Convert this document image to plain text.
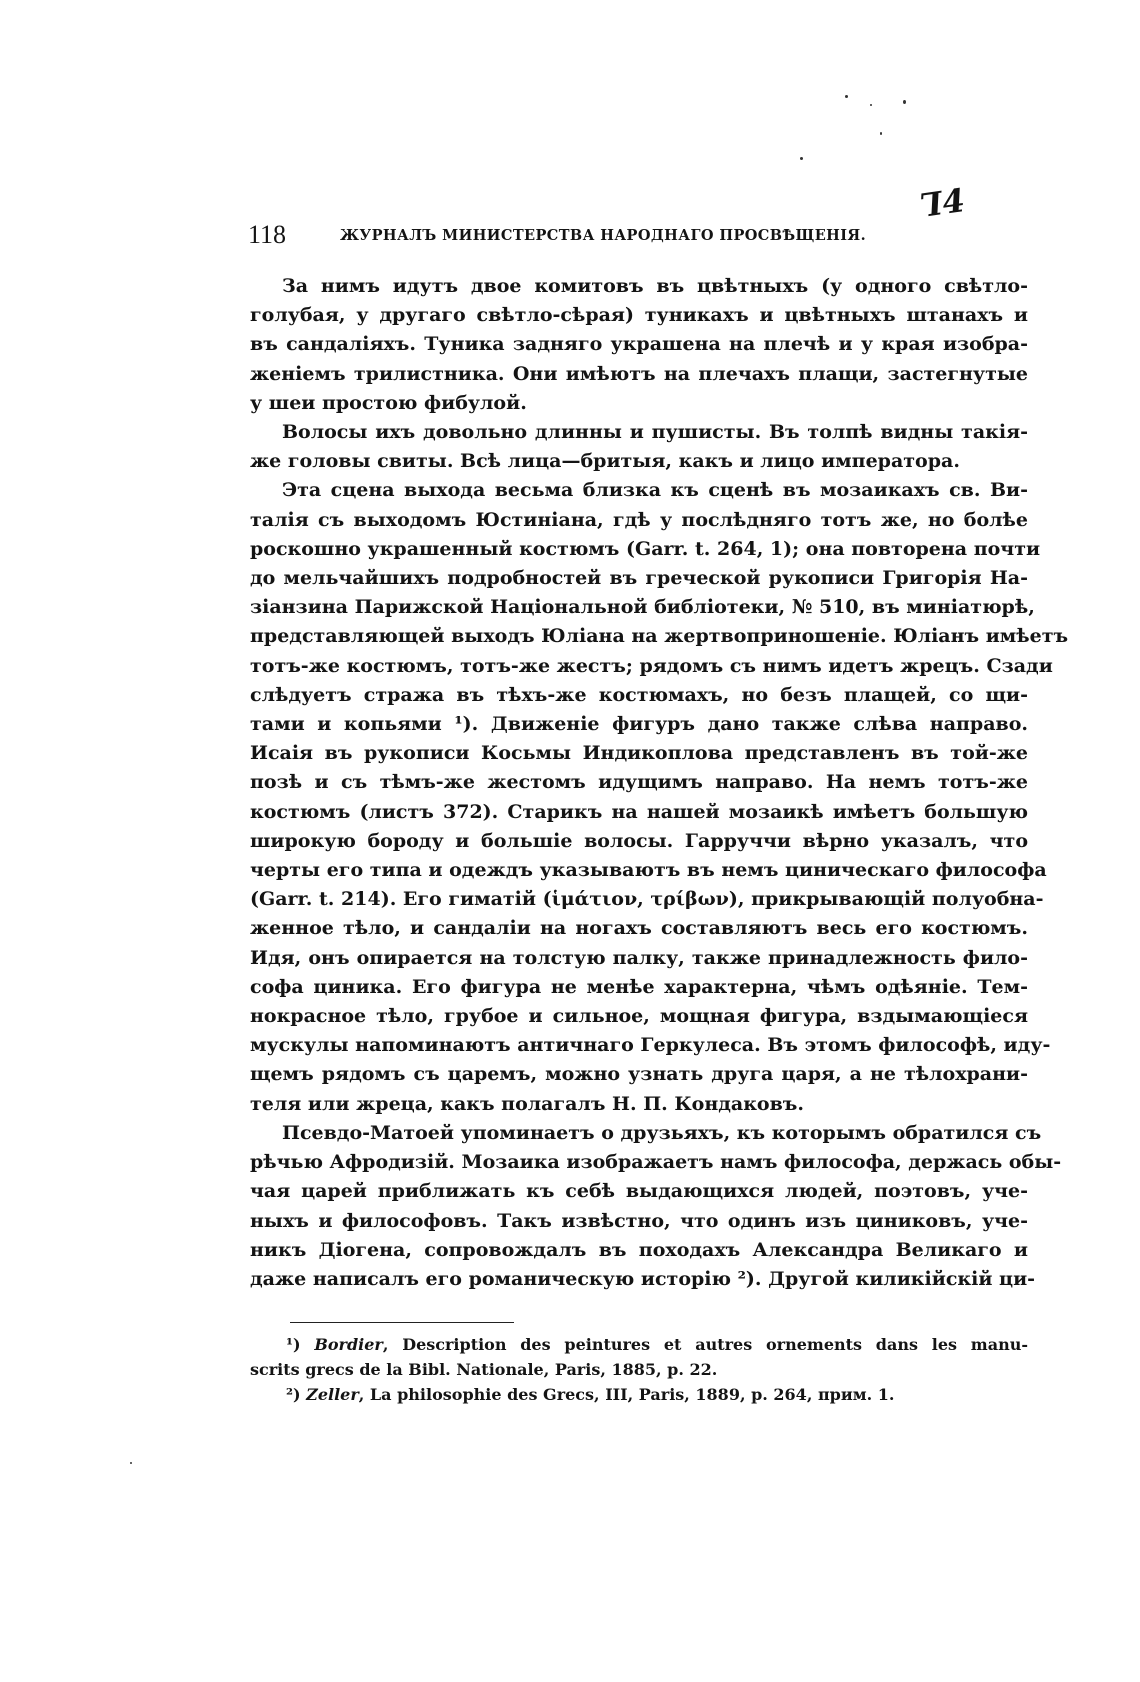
118	ЖУРНАЛЪ МИНИСТЕРСТВА НАРОДНАГО ПРОСВѢЩЕНІЯ.
Ꞁ4

За нимъ идутъ двое комитовъ въ цвѣтныхъ (у одного свѣтло-
голубая, у другаго свѣтло-сѣрая) туникахъ и цвѣтныхъ штанахъ и
въ сандаліяхъ. Туника задняго украшена на плечѣ и у края изобра-
женіемъ трилистника. Они имѣютъ на плечахъ плащи, застегнутые
у шеи простою фибулой.

Волосы ихъ довольно длинны и пушисты. Въ толпѣ видны такія-
же головы свиты. Всѣ лица—бритыя, какъ и лицо императора.

Эта сцена выхода весьма близка къ сценѣ въ мозаикахъ св. Ви-
талія съ выходомъ Юстиніана, гдѣ у послѣдняго тотъ же, но болѣе
роскошно украшенный костюмъ (Garr. t. 264, 1); она повторена почти
до мельчайшихъ подробностей въ греческой рукописи Григорія На-
зіанзина Парижской Національной библіотеки, № 510, въ миніатюрѣ,
представляющей выходъ Юліана на жертвоприношеніе. Юліанъ имѣетъ
тотъ-же костюмъ, тотъ-же жестъ; рядомъ съ нимъ идетъ жрецъ. Сзади
слѣдуетъ стража въ тѣхъ-же костюмахъ, но безъ плащей, со щи-
тами и копьями ¹). Движеніе фигуръ дано также слѣва направо.
Исаія въ рукописи Косьмы Индикоплова представленъ въ той-же
позѣ и съ тѣмъ-же жестомъ идущимъ направо. На немъ тотъ-же
костюмъ (листъ 372). Старикъ на нашей мозаикѣ имѣетъ большую
широкую бороду и большіе волосы. Гарруччи вѣрно указалъ, что
черты его типа и одеждъ указываютъ въ немъ циническаго философа
(Garr. t. 214). Его гиматій (ἱμάτιον, τρίβων), прикрывающій полуобна-
женное тѣло, и сандаліи на ногахъ составляютъ весь его костюмъ.
Идя, онъ опирается на толстую палку, также принадлежность фило-
софа циника. Его фигура не менѣе характерна, чѣмъ одѣяніе. Тем-
нокрасное тѣло, грубое и сильное, мощная фигура, вздымающіеся
мускулы напоминаютъ античнаго Геркулеса. Въ этомъ философѣ, иду-
щемъ рядомъ съ царемъ, можно узнать друга царя, а не тѣлохрани-
теля или жреца, какъ полагалъ Н. П. Кондаковъ.

Псевдо-Матоей упоминаетъ о друзьяхъ, къ которымъ обратился съ
рѣчью Афродизій. Мозаика изображаетъ намъ философа, держась обы-
чая царей приближать къ себѣ выдающихся людей, поэтовъ, уче-
ныхъ и философовъ. Такъ извѣстно, что одинъ изъ циниковъ, уче-
никъ Діогена, сопровождалъ въ походахъ Александра Великаго и
даже написалъ его романическую исторію ²). Другой киликійскій ци-

¹) Bordier, Description des peintures et autres ornements dans les manu-
scrits grecs de la Bibl. Nationale, Paris, 1885, p. 22.
²) Zeller, La philosophie des Grecs, III, Paris, 1889, p. 264, прим. 1.
